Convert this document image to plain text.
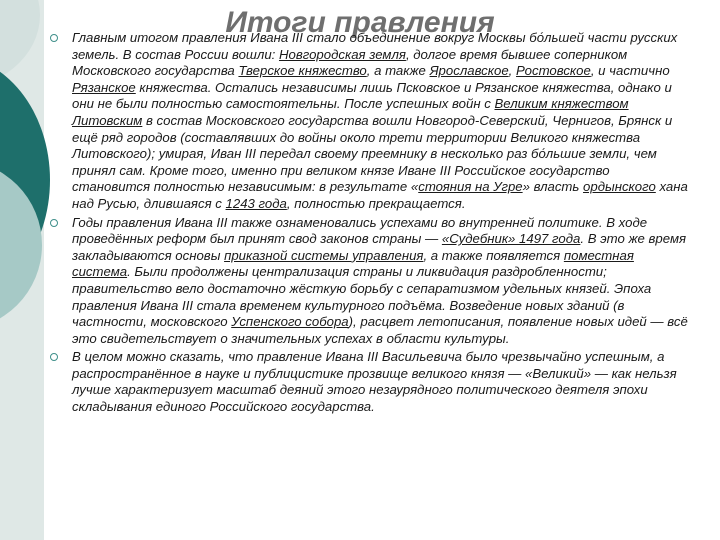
Итоги правления
Главным итогом правления Ивана III стало объединение вокруг Москвы бо́льшей части русских земель. В состав России вошли: Новгородская земля, долгое время бывшее соперником Московского государства Тверское княжество, а также Ярославское, Ростовское, и частично Рязанское княжества. Остались независимы лишь Псковское и Рязанское княжества, однако и они не были полностью самостоятельны. После успешных войн с Великим княжеством Литовским в состав Московского государства вошли Новгород-Северский, Чернигов, Брянск и ещё ряд городов (составлявших до войны около трети территории Великого княжества Литовского); умирая, Иван III передал своему преемнику в несколько раз бо́льшие земли, чем принял сам. Кроме того, именно при великом князе Иване III Российское государство становится полностью независимым: в результате «стояния на Угре» власть ордынского хана над Русью, длившаяся с 1243 года, полностью прекращается.
Годы правления Ивана III также ознаменовались успехами во внутренней политике. В ходе проведённых реформ был принят свод законов страны — «Судебник» 1497 года. В это же время закладываются основы приказной системы управления, а также появляется поместная система. Были продолжены централизация страны и ликвидация раздробленности; правительство вело достаточно жёсткую борьбу с сепаратизмом удельных князей. Эпоха правления Ивана III стала временем культурного подъёма. Возведение новых зданий (в частности, московского Успенского собора), расцвет летописания, появление новых идей — всё это свидетельствует о значительных успехах в области культуры.
В целом можно сказать, что правление Ивана III Васильевича было чрезвычайно успешным, а распространённое в науке и публицистике прозвище великого князя — «Великий» — как нельзя лучше характеризует масштаб деяний этого незаурядного политического деятеля эпохи складывания единого Российского государства.
